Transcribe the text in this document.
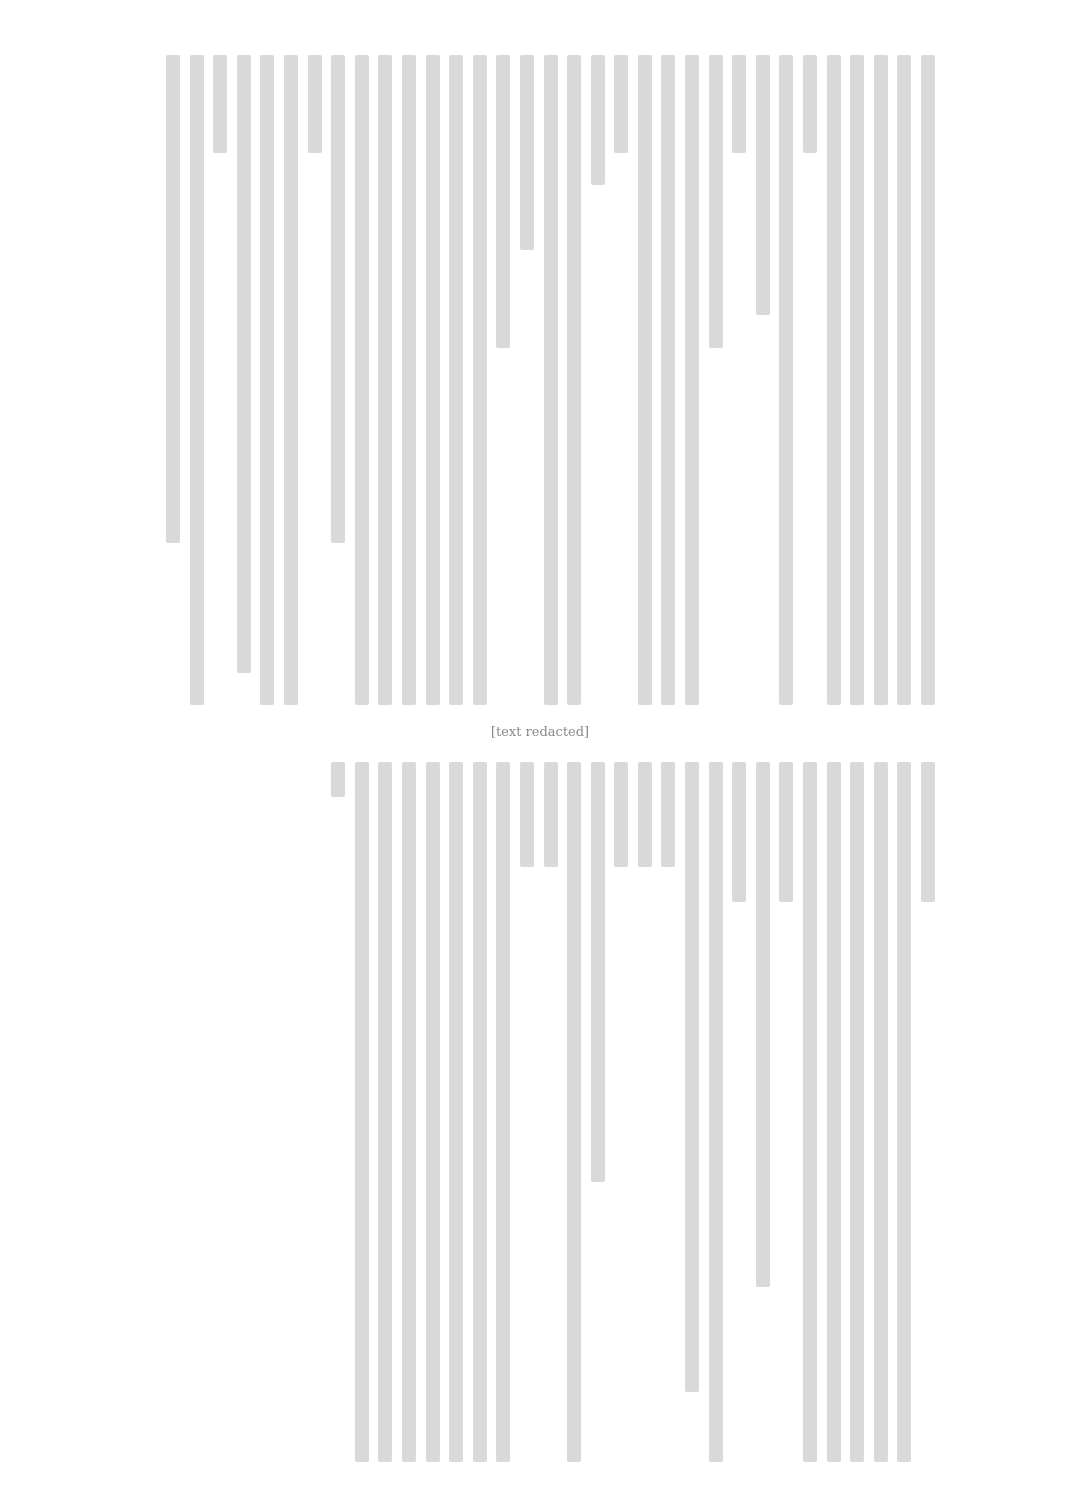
[text redacted]
